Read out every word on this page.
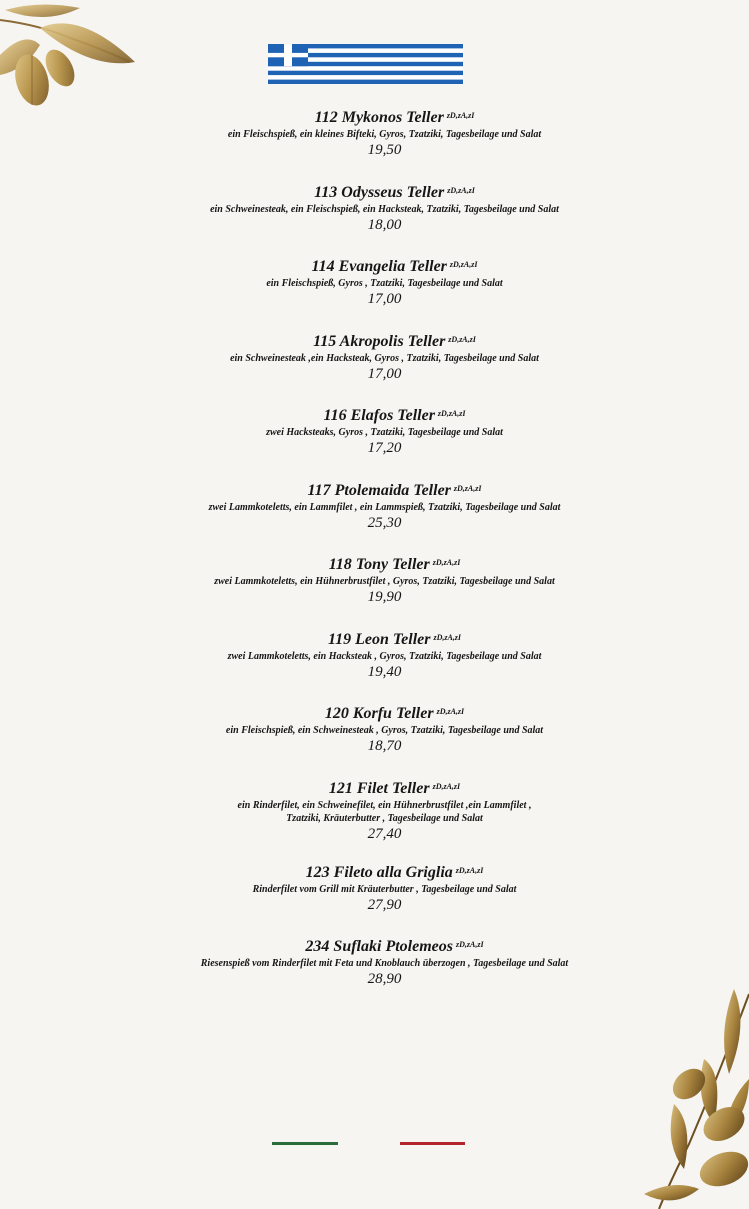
112 Mykonos Teller $^{zD,zA,zI}$
ein Fleischspieß, ein kleines Bifteki, Gyros, Tzatziki, Tagesbeilage und Salat
19,50
113 Odysseus Teller $^{zD,zA,zI}$
ein Schweinesteak, ein Fleischspieß, ein Hacksteak, Tzatziki, Tagesbeilage und Salat
18,00
114 Evangelia Teller $^{zD,zA,zI}$
ein Fleischspieß, Gyros , Tzatziki, Tagesbeilage und Salat
17,00
115 Akropolis Teller $^{zD,zA,zI}$
ein Schweinesteak ,ein Hacksteak, Gyros , Tzatziki, Tagesbeilage und Salat
17,00
116 Elafos Teller $^{zD,zA,zI}$
zwei Hacksteaks, Gyros , Tzatziki, Tagesbeilage und Salat
17,20
117 Ptolemaida Teller $^{zD,zA,zI}$
zwei Lammkoteletts, ein Lammfilet , ein Lammspieß, Tzatziki, Tagesbeilage und Salat
25,30
118 Tony Teller $^{zD,zA,zI}$
zwei Lammkoteletts, ein Hühnerbrustfilet , Gyros, Tzatziki, Tagesbeilage und Salat
19,90
119 Leon Teller $^{zD,zA,zI}$
zwei Lammkoteletts, ein Hacksteak , Gyros, Tzatziki, Tagesbeilage und Salat
19,40
120 Korfu Teller $^{zD,zA,zI}$
ein Fleischspieß, ein Schweinesteak , Gyros, Tzatziki, Tagesbeilage und Salat
18,70
121 Filet Teller $^{zD,zA,zI}$
ein Rinderfilet, ein Schweinefilet, ein Hühnerbrustfilet ,ein Lammfilet ,
Tzatziki, Kräuterbutter , Tagesbeilage und Salat
27,40
123 Fileto alla Griglia $^{zD,zA,zI}$
Rinderfilet vom Grill mit Kräuterbutter , Tagesbeilage und Salat
27,90
234 Suflaki Ptolemeos $^{zD,zA,zI}$
Riesenspieß vom Rinderfilet mit Feta und Knoblauch überzogen , Tagesbeilage und Salat
28,90
